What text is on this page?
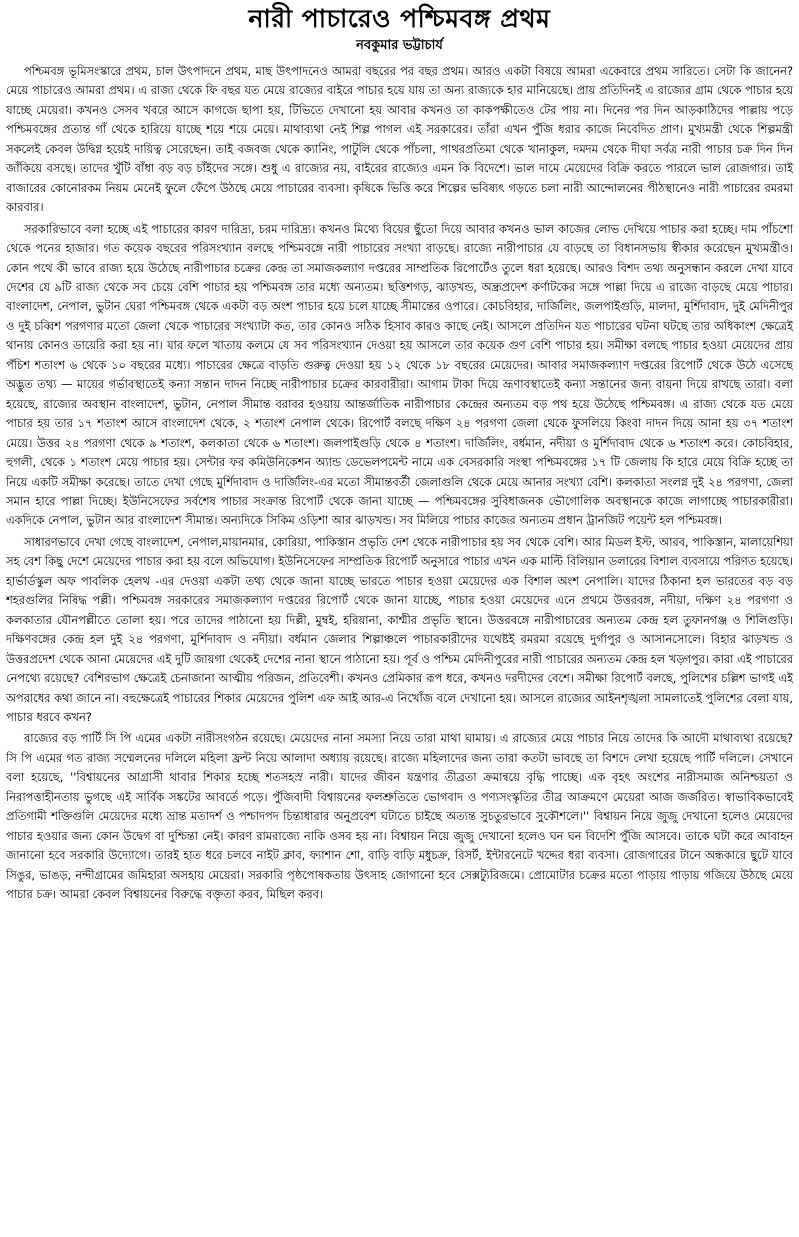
নারী পাচারেও পশ্চিমবঙ্গ প্রথম
নবকুমার ভট্টাচার্য

পশ্চিমবঙ্গ ভূমিসংস্কারে প্রথম, চাল উৎপাদনে প্রথম, মাছ উৎপাদনেও আমরা বছরের পর বছর প্রথম। আরও একটা বিষয়ে আমরা একেবারে প্রথম সারিতে। সেটা কি জানেন? মেয়ে পাচারেও আমরা প্রথম। এ রাজ্য থেকে ফি বছর যত মেয়ে রাজ্যের বাইরে পাচার হয়ে যায় তা অন্য রাজ্যকে হার মানিয়েছে। প্রায় প্রতিদিনই এ রাজ্যের গ্রাম থেকে পাচার হয়ে যাচ্ছে মেয়েরা। কখনও সেসব খবরে আসে কাগজে ছাপা হয়, টিভিতে দেখানো হয় আবার কখনও তা কাকপক্ষীতেও টের পায় না। দিনের পর দিন আড়কাঠিদের পাল্লায় পড়ে পশ্চিমবঙ্গের প্রত্যন্ত গাঁ থেকে হারিয়ে যাচ্ছে শয়ে শয়ে মেয়ে। মাথাব্যথা নেই শিল্প পাগল এই সরকারের। তাঁরা এখন পুঁজি ধরার কাজে নিবেদিত প্রাণ। মুখ্যমন্ত্রী থেকে শিল্পমন্ত্রী সকলেই কেবল উদ্বিগ্ন হয়েই দায়িত্ব সেরেছেন। তাই বজবজ থেকে ক্যানিং, পাটুলি থেকে পাঁচলা, পাথরপ্রতিমা থেকে খানাকুল, দমদম থেকে দীঘা সর্বত্র নারী পাচার চক্র দিন দিন জাঁকিয়ে বসছে। তাদের খুঁটি বাঁধা বড় বড় চাঁইদের সঙ্গে। শুধু এ রাজ্যের নয়, বাইরের রাজ্যেও এমন কি বিদেশে। ভাল দামে মেয়েদের বিক্রি করতে পারলে ভাল রোজগার। তাই বাজারের কোনোরকম নিয়ম মেনেই ফুলে ফেঁপে উঠছে মেয়ে পাচারের ব্যবসা। কৃষিকে ভিত্তি করে শিল্পের ভবিষ্যৎ গড়তে চলা নারী আন্দোলনের পীঠস্থানেও নারী পাচারের রমরমা কারবার।

সরকারিভাবে বলা হচ্ছে এই পাচারের কারণ দারিদ্র্য, চরম দারিদ্র্য। কখনও মিথ্যে বিয়ের ছুঁতো দিয়ে আবার কখনও ভাল কাজের লোভ দেখিয়ে পাচার করা হচ্ছে। দাম পাঁচশো থেকে পনের হাজার। গত কয়েক বছরের পরিসংখ্যান বলছে পশ্চিমবঙ্গে নারী পাচারের সংখ্যা বাড়ছে। রাজ্যে নারীপাচার যে বাড়ছে তা বিধানসভায় স্বীকার করেছেন মুখ্যমন্ত্রীও। কোন পথে কী ভাবে রাজ্য হয়ে উঠেছে নারীপাচার চক্রের কেন্দ্র তা সমাজকল্যাণ দপ্তরের সাম্প্রতিক রিপোর্টেও তুলে ধরা হয়েছে। আরও বিশদ তথ্য অনুসন্ধান করলে দেখা যাবে দেশের যে ৯টি রাজ্য থেকে সব চেয়ে বেশি পাচার হয় পশ্চিমবঙ্গ তার মধ্যে অন্যতম। ছত্তিশগড়, ঝাড়খন্ড, অন্ধ্রপ্রদেশ কর্ণাটকের সঙ্গে পাল্লা দিয়ে এ রাজ্যে বাড়ছে মেয়ে পাচার। বাংলাদেশ, নেপাল, ভুটান ঘেরা পশ্চিমবঙ্গ থেকে একটা বড় অংশ পাচার হয়ে চলে যাচ্ছে সীমান্তের ওপারে। কোচবিহার, দার্জিলিং, জলপাইগুড়ি, মালদা, মুর্শিদাবাদ, দুই মেদিনীপুর ও দুই চব্বিশ পরগণার মতো জেলা থেকে পাচারের সংখ্যাটা কত, তার কোনও সঠিক হিসাব কারও কাছে নেই। আসলে প্রতিদিন যত পাচারের ঘটনা ঘটছে তার অধিকাংশ ক্ষেত্রেই থানায় কোনও ডায়েরি করা হয় না। যার ফলে খাতায় কলমে যে সব পরিসংখ্যান দেওয়া হয় আসলে তার কয়েক গুণ বেশি পাচার হয়। সমীক্ষা বলছে পাচার হওয়া মেয়েদের প্রায় পঁচিশ শতাংশ ৬ থেকে ১০ বছরের মধ্যে। পাচারের ক্ষেত্রে বাড়তি গুরুত্ব দেওয়া হয় ১২ থেকে ১৮ বছরের মেয়েদের। আবার সমাজকল্যাণ দপ্তরের রিপোর্ট থেকে উঠে এসেছে অদ্ভুত তথ্য — মায়ের গর্ভাবস্থাতেই কন্যা সন্তান দাদন নিচ্ছে নারীপাচার চক্রের কারবারীরা। আগাম টাকা দিয়ে ভ্রূণাবস্থাতেই কন্যা সন্তানের জন্য বায়না দিয়ে রাখছে তারা। বলা হয়েছে, রাজ্যের অবস্থান বাংলাদেশ, ভুটান, নেপাল সীমান্ত বরাবর হওয়ায় আন্তর্জাতিক নারীপাচার কেন্দ্রের অন্যতম বড় পথ হয়ে উঠেছে পশ্চিমবঙ্গ। এ রাজ্য থেকে যত মেয়ে পাচার হয় তার ১৭ শতাংশ আসে বাংলাদেশ থেকে, ২ শতাংশ নেপাল থেকে। রিপোর্ট বলছে দক্ষিণ ২৪ পরগণা জেলা থেকে ফুসলিয়ে কিংবা দাদন দিয়ে আনা হয় ৩৭ শতাংশ মেয়ে। উত্তর ২৪ পরগণা থেকে ৯ শতাংশ, কলকাতা থেকে ৬ শতাংশ। জলপাইগুড়ি থেকে ৪ শতাংশ। দার্জিলিং, বর্ধমান, নদীয়া ও মুর্শিদাবাদ থেকে ৬ শতাংশ করে। কোচবিহার, হুগলী, থেকে ১ শতাংশ মেয়ে পাচার হয়। সেন্টার ফর কমিউনিকেশন অ্যান্ড ডেভেলপমেন্ট নামে এক বেসরকারি সংস্থা পশ্চিমবঙ্গের ১৭ টি জেলায় কি হারে মেয়ে বিক্রি হচ্ছে তা নিয়ে একটি সমীক্ষা করেছে। তাতে দেখা গেছে মুর্শিদাবাদ ও দার্জিলিং-এর মতো সীমান্তবর্তী জেলাগুলি থেকে মেয়ে আনার সংখ্যা বেশি। কলকাতা সংলগ্ন দুই ২৪ পরগণা, জেলা সমান হারে পাল্লা দিচ্ছে। ইউনিসেফের সর্বশেষ পাচার সংক্রান্ত রিপোর্ট থেকে জানা যাচ্ছে — পশ্চিমবঙ্গের সুবিধাজনক ভৌগোলিক অবস্থানকে কাজে লাগাচ্ছে পাচারকারীরা। একদিকে নেপাল, ভুটান আর বাংলাদেশ সীমান্ত। অন্যদিকে সিকিম ওড়িশা আর ঝাড়খন্ড। সব মিলিয়ে পাচার কাজের অন্যতম প্রধান ট্রানজিট পয়েন্ট হল পশ্চিমবঙ্গ।

সাধারণভাবে দেখা গেছে বাংলাদেশ, নেপাল,মায়ানমার, কোরিয়া, পাকিস্তান প্রভৃতি দেশ থেকে নারীপাচার হয় সব থেকে বেশি। আর মিডল ইস্ট, আরব, পাকিস্তান, মালায়েশিয়া সহ বেশ কিছু দেশে মেয়েদের পাচার করা হয় বলে অভিযোগ। ইউনিসেফের সাম্প্রতিক রিপোর্ট অনুসারে পাচার এখন এক মাল্টি বিলিয়ান ডলারের বিশাল ব্যবসায়ে পরিণত হয়েছে। হার্ভার্ডস্কুল অফ পাবলিক হেলথ -এর দেওয়া একটা তথ্য থেকে জানা যাচ্ছে ভারতে পাচার হওয়া মেয়েদের এক বিশাল অংশ নেপালি। যাদের ঠিকানা হল ভারতের বড় বড় শহরগুলির নিষিদ্ধ পল্লী। পশ্চিমবঙ্গ সরকারের সমাজকল্যাণ দপ্তরের রিপোর্ট থেকে জানা যাচ্ছে, পাচার হওয়া মেয়েদের এনে প্রথমে উত্তরবঙ্গ, নদীয়া, দক্ষিণ ২৪ পরগণা ও কলকাতার যৌনপল্লীতে তোলা হয়। পরে তাদের পাঠানো হয় দিল্লী, মুম্বই, হরিয়ানা, কাশ্মীর প্রভৃতি স্থানে। উত্তরবঙ্গে নারীপাচারের অন্যতম কেন্দ্র হল তুফানগঞ্জ ও শিলিগুড়ি। দক্ষিণবঙ্গের কেন্দ্র হল দুই ২৪ পরগণা, মুর্শিদাবাদ ও নদীয়া। বর্ধমান জেলার শিল্পাঞ্চলে পাচারকারীদের যথেষ্টই রমরমা রয়েছে দুর্গাপুর ও আসানসোলে। বিহার ঝাড়খন্ড ও উত্তরপ্রদেশ থেকে আনা মেয়েদের এই দুটি জায়গা থেকেই দেশের নানা স্থানে পাঠানো হয়। পূর্ব ও পশ্চিম মেদিনীপুরের নারী পাচারের অন্যতম কেন্দ্র হল খড়্গপুর। কারা এই পাচারের নেপথ্যে রয়েছে? বেশিরভাগ ক্ষেত্রেই চেনাজানা আত্মীয় পরিজন, প্রতিবেশী। কখনও প্রেমিকার রূপ ধরে, কখনও দরদীদের বেশে। সমীক্ষা রিপোর্ট বলছে, পুলিশের চল্লিশ ভাগই এই অপরাধের কথা জানে না। বহুক্ষেত্রেই পাচারের শিকার মেয়েদের পুলিশ এফ আই আর-এ নিখোঁজ বলে দেখানো হয়। আসলে রাজ্যের আইনশৃঙ্খলা সামলাতেই পুলিশের বেলা যায়, পাচার ধরবে কখন?

রাজ্যের বড় পার্টি সি পি এমের একটা নারীসংগঠন রয়েছে। মেয়েদের নানা সমস্যা নিয়ে তারা মাথা ঘামায়। এ রাজ্যের মেয়ে পাচার নিয়ে তাদের কি আদৌ মাথাব্যথা রয়েছে? সি পি এমের গত রাজ্য সম্মেলনের দলিলে মহিলা ফ্রন্ট নিয়ে আলাদা অধ্যায় রয়েছে। রাজ্যে মহিলাদের জন্য তারা কতটা ভাবছে তা বিশদে লেখা হয়েছে পার্টি দলিলে। সেখানে বলা হয়েছে, ''বিশ্বায়নের আগ্রাসী থাবার শিকার হচ্ছে শতসহস্র নারী। যাদের জীবন যন্ত্রণার তীব্রতা ক্রমান্বয়ে বৃদ্ধি পাচ্ছে। এক বৃহৎ অংশের নারীসমাজ অনিশ্চয়তা ও নিরাপত্তাহীনতায় ভুগছে এই সার্বিক সঙ্কটের আবর্তে পড়ে। পুঁজিবাদী বিশ্বায়নের ফলশ্রুতিতে ভোগবাদ ও পণ্যসংস্কৃতির তীব্র আক্রমণে মেয়েরা আজ জর্জরিত। স্বাভাবিকভাবেই প্রতিগামী শক্তিগুলি মেয়েদের মধ্যে ভ্রান্ত মতাদর্শ ও পশ্চাদপদ চিন্তাধারার অনুপ্রবেশ ঘটাতে চাইছে অত্যন্ত সুচতুরভাবে সুকৌশলে।'' বিশ্বায়ন নিয়ে জুজু দেখানো হলেও মেয়েদের পাচার হওয়ার জন্য কোন উদ্বেগ বা দুশ্চিন্তা নেই। কারণ রামরাজ্যে নাকি ওসব হয় না। বিশ্বায়ন নিয়ে জুজু দেখানো হলেও ঘন ঘন বিদেশি পুঁজি আসবে। তাকে ঘটা করে আবাহন জানানো হবে সরকারি উদ্যোগে। তারই হাত ধরে চলবে নাইট ক্লাব, ফ্যাশান শো, বাড়ি বাড়ি মধুচক্র, রিসর্ট, ইন্টারনেটে খদ্দের ধরা ব্যবসা। রোজগারের টানে অন্ধকারে ছুটে যাবে সিঙুর, ভাঙড়, নন্দীগ্রামের জমিহারা অসহায় মেয়েরা। সরকারি পৃষ্ঠপোষকতায় উৎসাহ জোগানো হবে সেক্সট্যুরিজমে। প্রোমোটার চক্রের মতো পাড়ায় পাড়ায় গজিয়ে উঠছে মেয়ে পাচার চক্র। আমরা কেবল বিশ্বায়নের বিরুদ্ধে বক্তৃতা করব, মিছিল করব।
